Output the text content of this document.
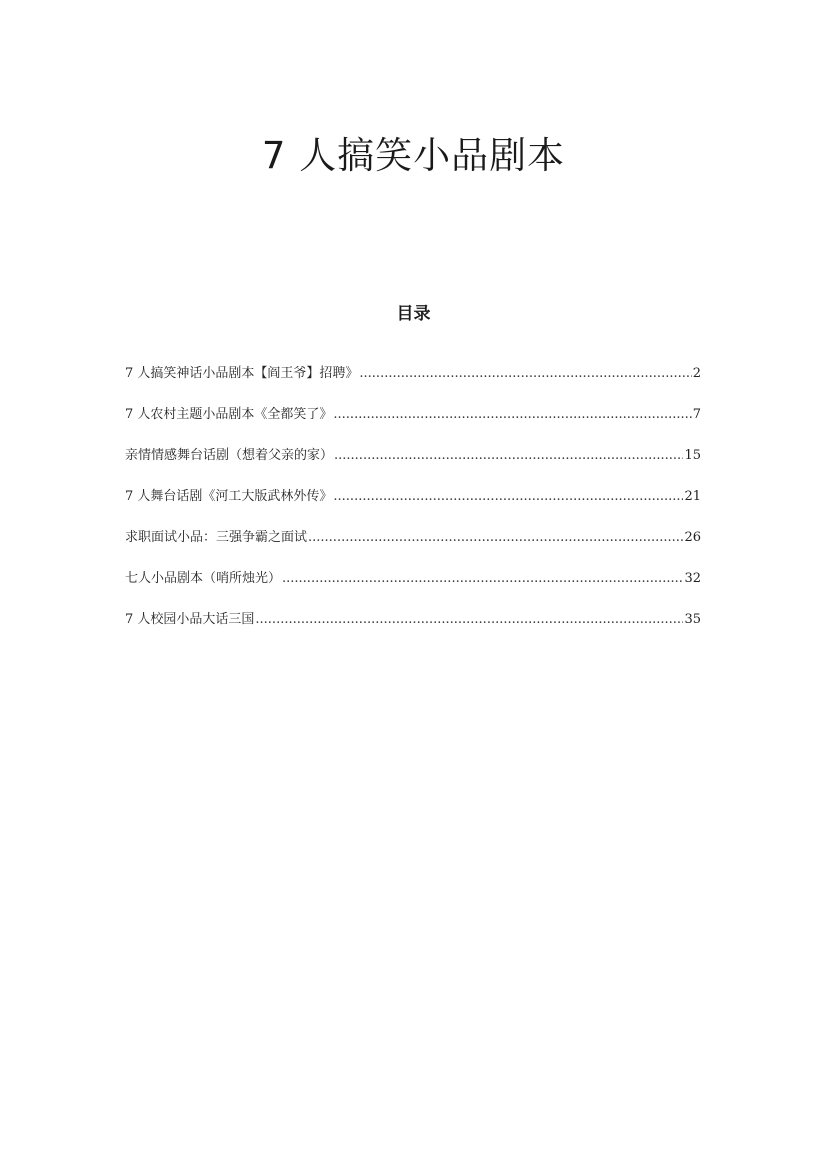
7 人搞笑小品剧本
目录
7 人搞笑神话小品剧本【阎王爷】招聘》 .....	2
7 人农村主题小品剧本《全都笑了》 .....	7
亲情情感舞台话剧（想着父亲的家） .....	15
7 人舞台话剧《河工大版武林外传》 .....	21
求职面试小品：三强争霸之面试 .....	26
七人小品剧本（哨所烛光） .....	32
7 人校园小品大话三国 .....	35
